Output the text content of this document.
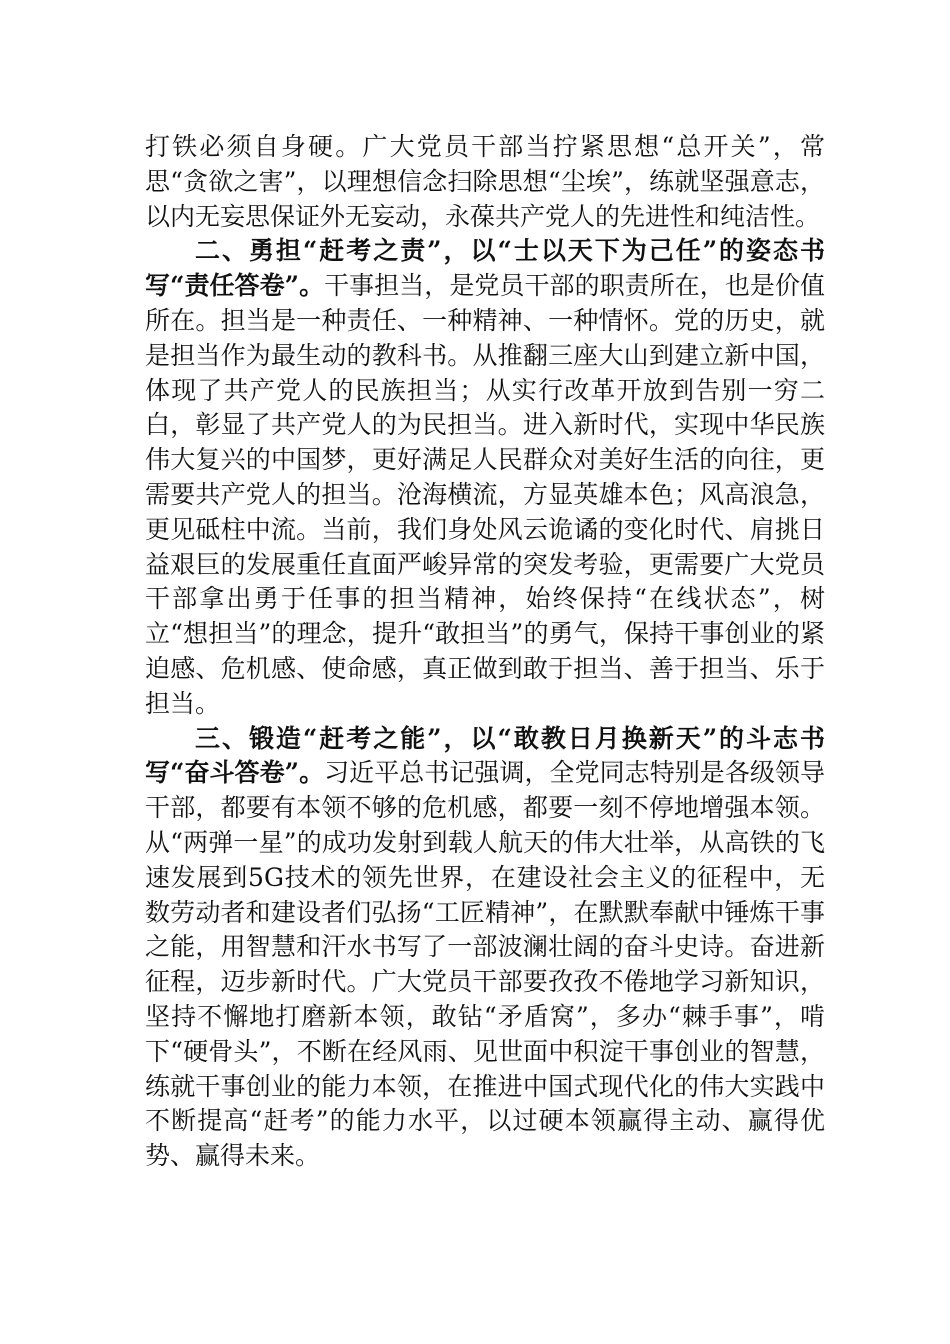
打铁必须自身硬。广大党员干部当拧紧思想“总开关”，常思“贪欲之害”，以理想信念扫除思想“尘埃”，练就坚强意志，以内无妄思保证外无妄动，永葆共产党人的先进性和纯洁性。

二、勇担“赶考之责”，以“士以天下为己任”的姿态书写“责任答卷”。干事担当，是党员干部的职责所在，也是价值所在。担当是一种责任、一种精神、一种情怀。党的历史，就是担当作为最生动的教科书。从推翻三座大山到建立新中国，体现了共产党人的民族担当；从实行改革开放到告别一穷二白，彰显了共产党人的为民担当。进入新时代，实现中华民族伟大复兴的中国梦，更好满足人民群众对美好生活的向往，更需要共产党人的担当。沧海横流，方显英雄本色；风高浪急，更见砥柱中流。当前，我们身处风云诡谲的变化时代、肩挑日益艰巨的发展重任直面严峻异常的突发考验，更需要广大党员干部拿出勇于任事的担当精神，始终保持“在线状态”，树立“想担当”的理念，提升“敢担当”的勇气，保持干事创业的紧迫感、危机感、使命感，真正做到敢于担当、善于担当、乐于担当。

三、锻造“赶考之能”，以“敢教日月换新天”的斗志书写“奋斗答卷”。习近平总书记强调，全党同志特别是各级领导干部，都要有本领不够的危机感，都要一刻不停地增强本领。从“两弹一星”的成功发射到载人航天的伟大壮举，从高铁的飞速发展到5G技术的领先世界，在建设社会主义的征程中，无数劳动者和建设者们弘扬“工匠精神”，在默默奉献中锤炼干事之能，用智慧和汗水书写了一部波澜壮阔的奋斗史诗。奋进新征程，迈步新时代。广大党员干部要孜孜不倦地学习新知识，坚持不懈地打磨新本领，敢钻“矛盾窝”，多办“棘手事”，啃下“硬骨头”，不断在经风雨、见世面中积淀干事创业的智慧，练就干事创业的能力本领，在推进中国式现代化的伟大实践中不断提高“赶考”的能力水平，以过硬本领赢得主动、赢得优势、赢得未来。
